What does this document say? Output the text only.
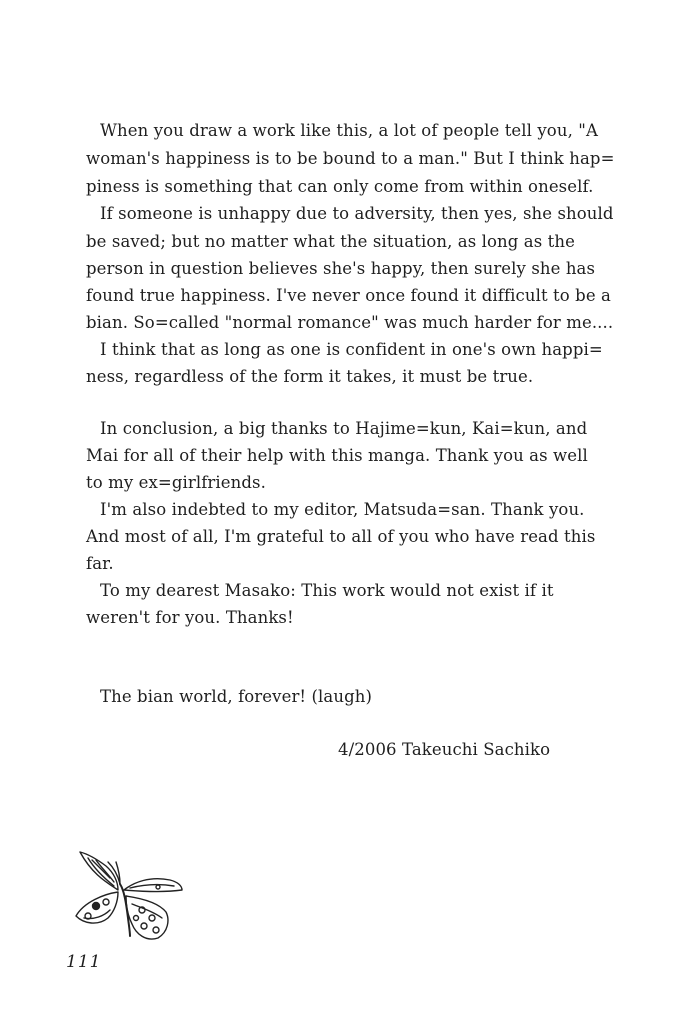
When you draw a work like this, a lot of people tell you, "A
woman's happiness is to be bound to a man." But I think hap=
piness is something that can only come from within oneself.
If someone is unhappy due to adversity, then yes, she should
be saved; but no matter what the situation, as long as the
person in question believes she's happy, then surely she has
found true happiness. I've never once found it difficult to be a
bian. So=called "normal romance" was much harder for me....
I think that as long as one is confident in one's own happi=
ness, regardless of the form it takes, it must be true.
In conclusion, a big thanks to Hajime=kun, Kai=kun, and
Mai for all of their help with this manga. Thank you as well
to my ex=girlfriends.
I'm also indebted to my editor, Matsuda=san. Thank you.
And most of all, I'm grateful to all of you who have read this
far.
To my dearest Masako: This work would not exist if it
weren't for you. Thanks!
The bian world, forever! (laugh)
4/2006 Takeuchi Sachiko
111
